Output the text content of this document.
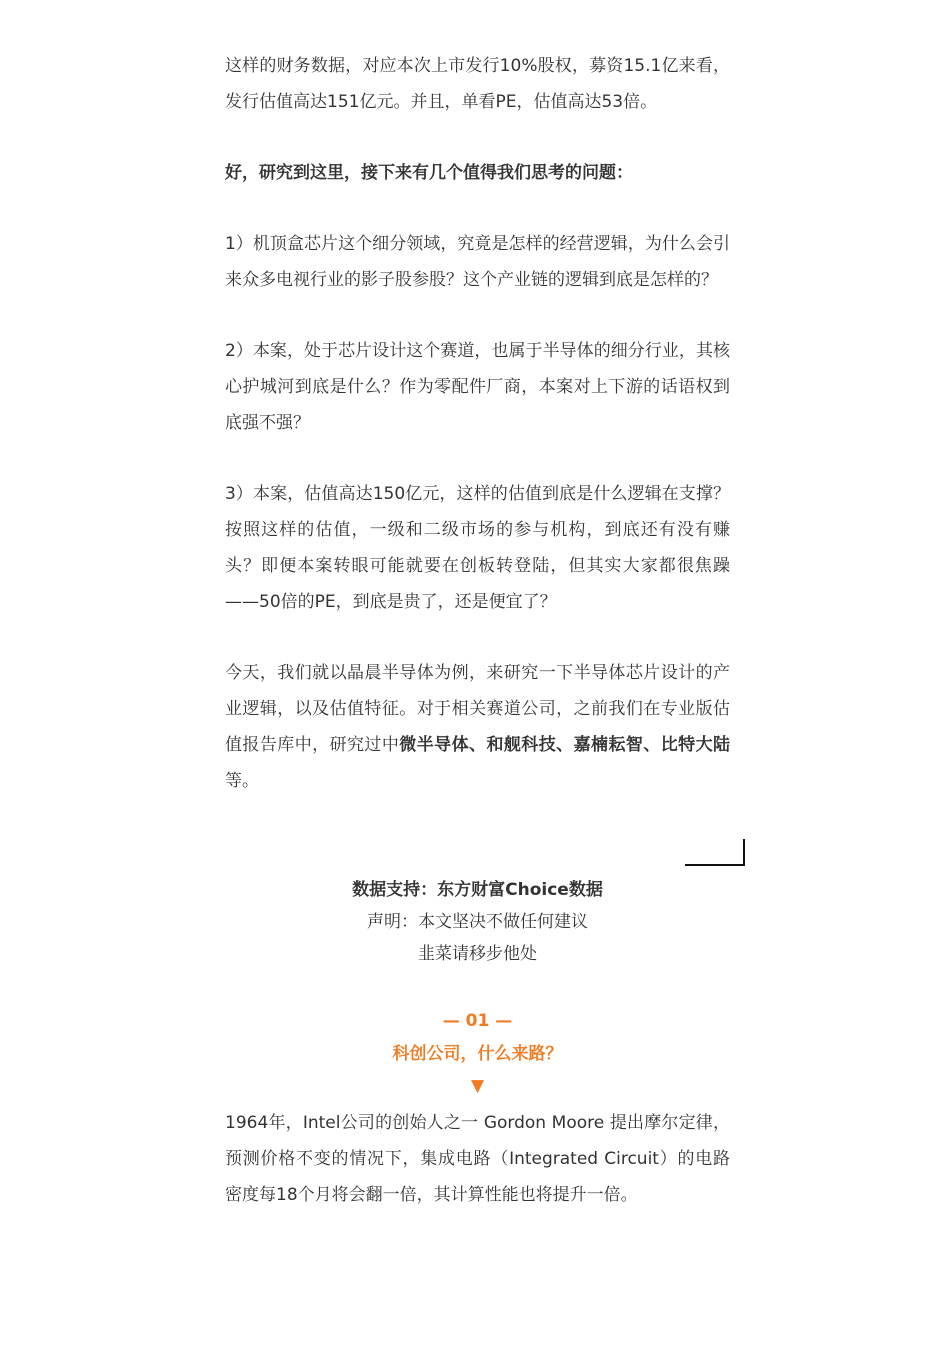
这样的财务数据，对应本次上市发行10%股权，募资15.1亿来看，发行估值高达151亿元。并且，单看PE，估值高达53倍。

好，研究到这里，接下来有几个值得我们思考的问题：

1）机顶盒芯片这个细分领域，究竟是怎样的经营逻辑，为什么会引来众多电视行业的影子股参股？这个产业链的逻辑到底是怎样的？

2）本案，处于芯片设计这个赛道，也属于半导体的细分行业，其核心护城河到底是什么？作为零配件厂商，本案对上下游的话语权到底强不强？

3）本案，估值高达150亿元，这样的估值到底是什么逻辑在支撑？按照这样的估值，一级和二级市场的参与机构，到底还有没有赚头？即便本案转眼可能就要在创板转登陆，但其实大家都很焦躁——50倍的PE，到底是贵了，还是便宜了？

今天，我们就以晶晨半导体为例，来研究一下半导体芯片设计的产业逻辑，以及估值特征。对于相关赛道公司，之前我们在专业版估值报告库中，研究过中微半导体、和舰科技、嘉楠耘智、比特大陆等。

数据支持：东方财富Choice数据
声明：本文坚决不做任何建议
韭菜请移步他处
— 01 —
科创公司，什么来路？
▼

1964年，Intel公司的创始人之一 Gordon Moore 提出摩尔定律，预测价格不变的情况下，集成电路（Integrated Circuit）的电路密度每18个月将会翻一倍，其计算性能也将提升一倍。
